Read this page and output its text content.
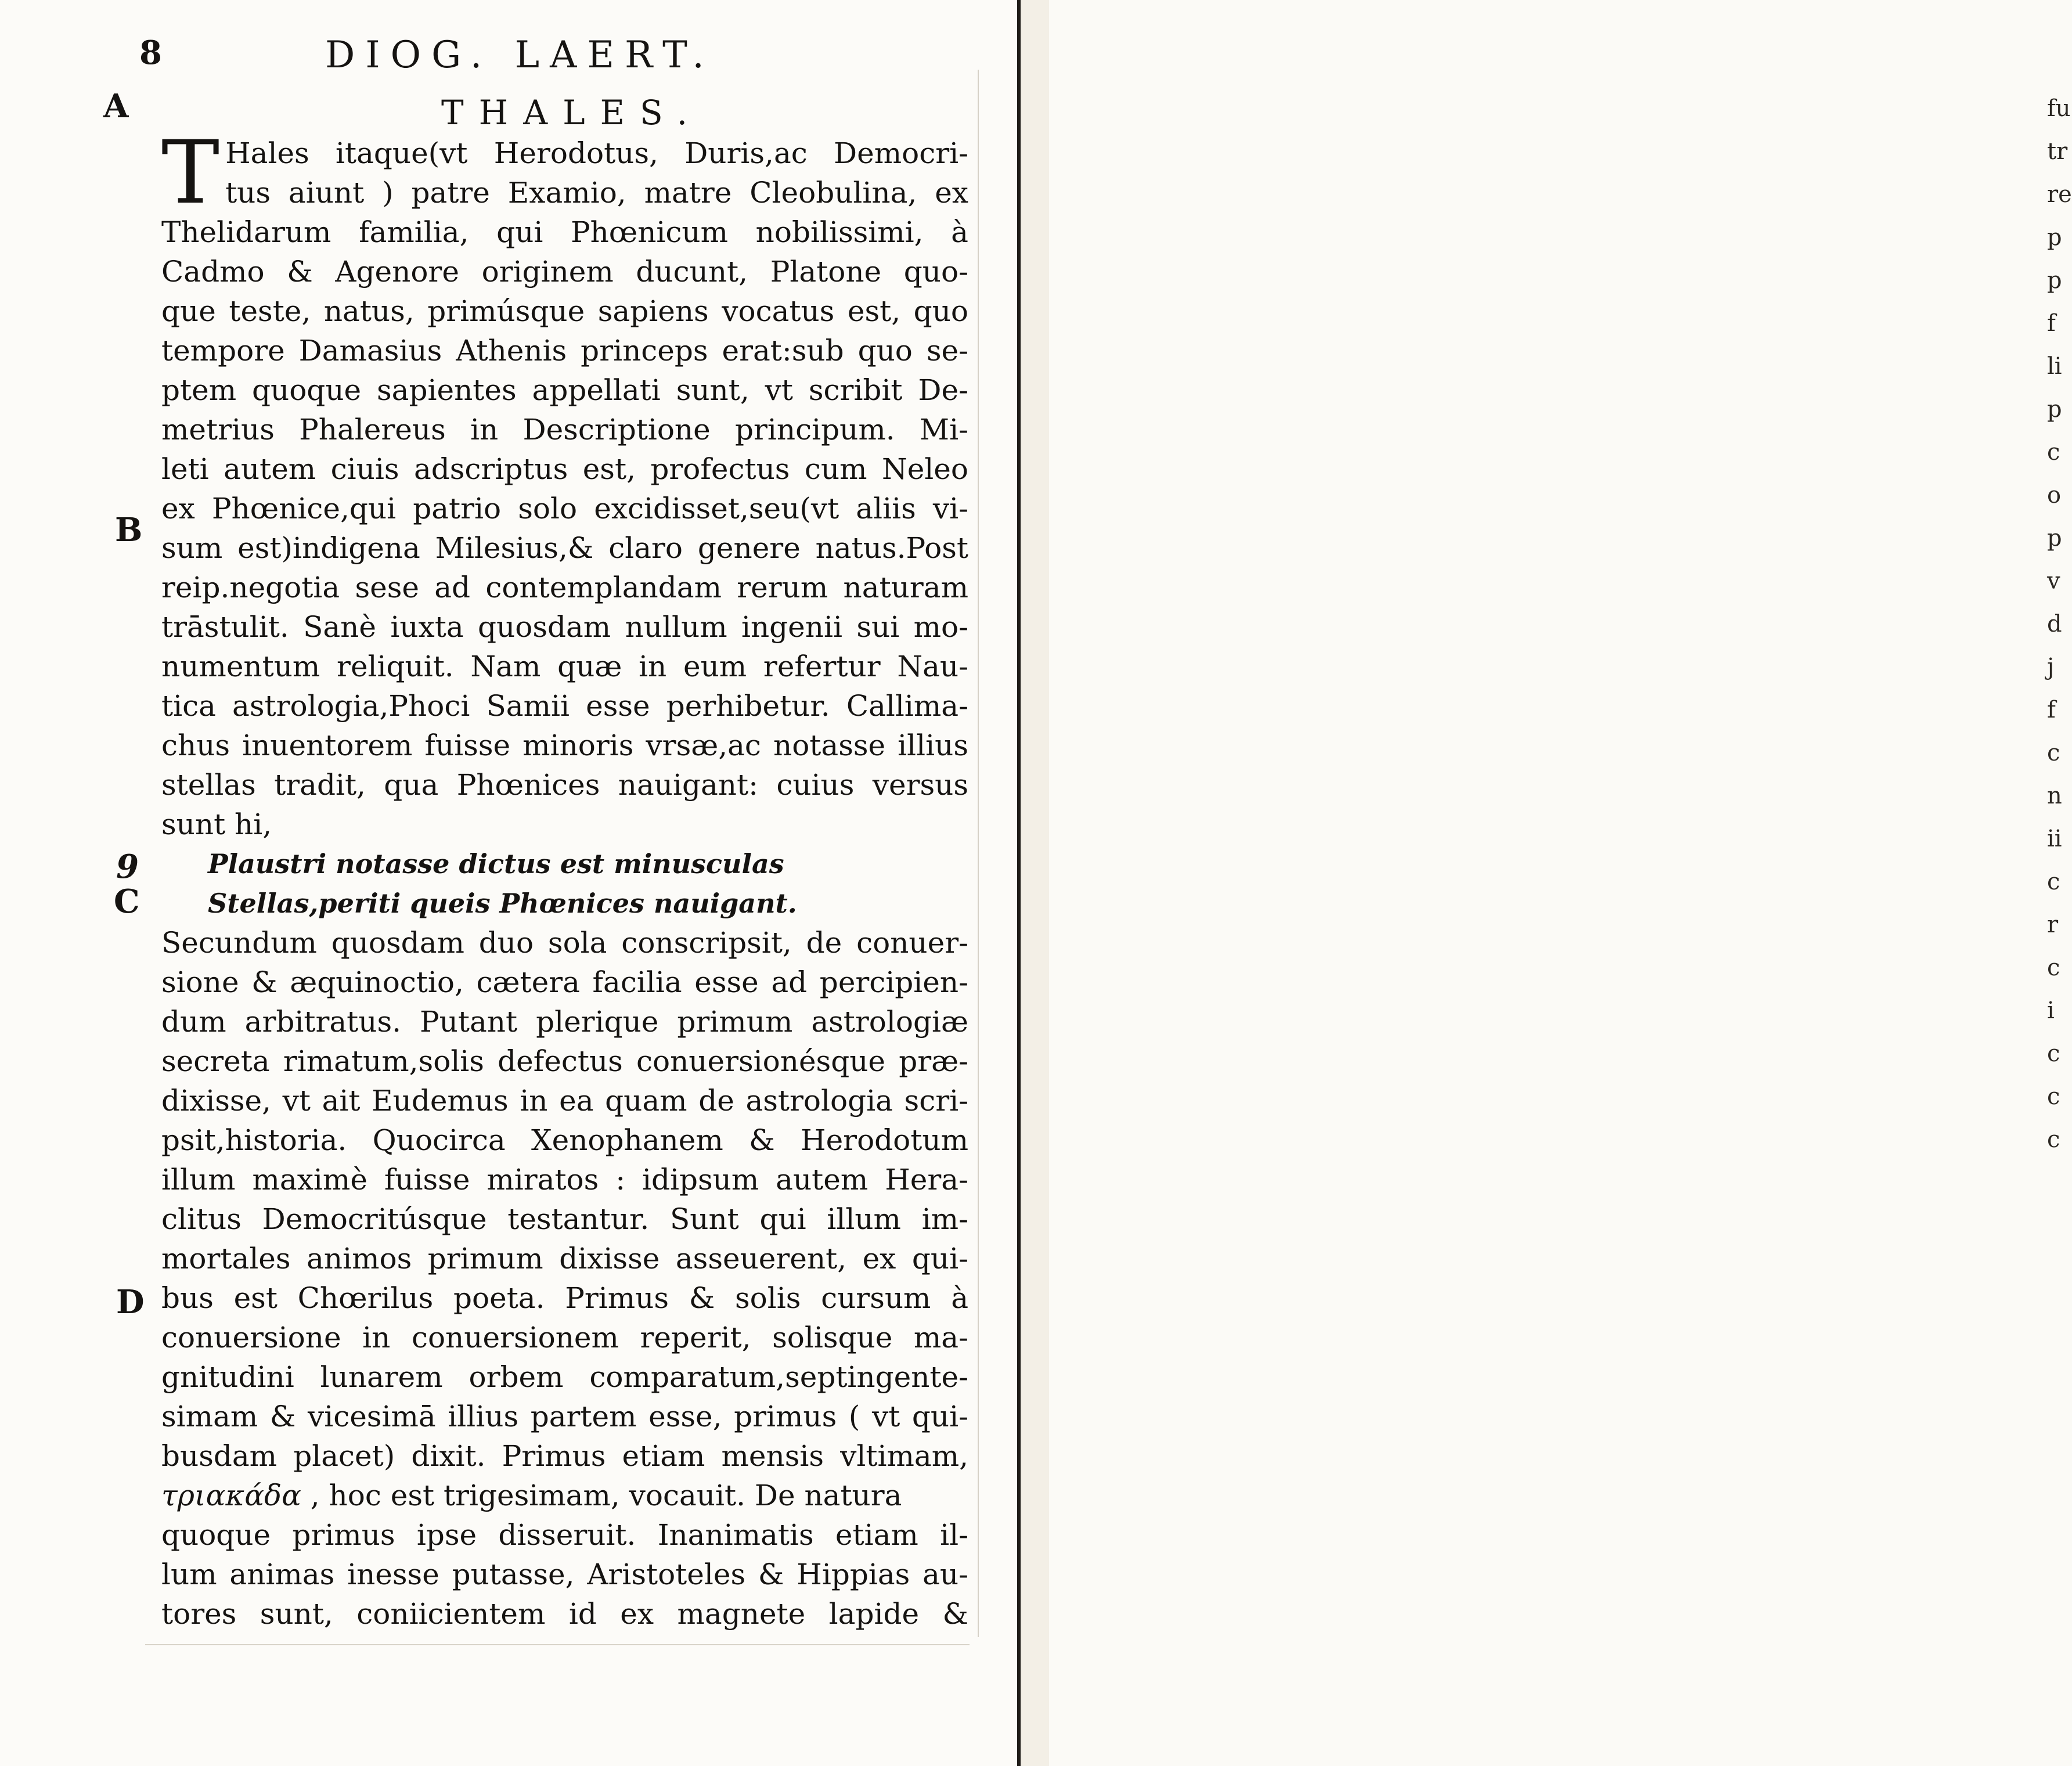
8	DIOG. LAERT.
THALES.
A
B
9
C
D
T Hales itaque(vt Herodotus, Duris,ac Democri-
tus aiunt ) patre Examio, matre Cleobulina, ex
Thelidarum familia, qui Phœnicum nobilissimi, à
Cadmo & Agenore originem ducunt, Platone quo-
que teste, natus, primúsque sapiens vocatus est, quo
tempore Damasius Athenis princeps erat:sub quo se-
ptem quoque sapientes appellati sunt, vt scribit De-
metrius Phalereus in Descriptione principum. Mi-
leti autem ciuis adscriptus est, profectus cum Neleo
ex Phœnice,qui patrio solo excidisset,seu(vt aliis vi-
sum est)indigena Milesius,& claro genere natus.Post
reip.negotia sese ad contemplandam rerum naturam
trāstulit. Sanè iuxta quosdam nullum ingenii sui mo-
numentum reliquit. Nam quæ in eum refertur Nau-
tica astrologia,Phoci Samii esse perhibetur. Callima-
chus inuentorem fuisse minoris vrsæ,ac notasse illius
stellas tradit, qua Phœnices nauigant: cuius versus
sunt hi,
Plaustri notasse dictus est minusculas
Stellas,periti queis Phœnices nauigant.
Secundum quosdam duo sola conscripsit, de conuer-
sione & æquinoctio, cætera facilia esse ad percipien-
dum arbitratus. Putant plerique primum astrologiæ
secreta rimatum,solis defectus conuersionésque præ-
dixisse, vt ait Eudemus in ea quam de astrologia scri-
psit,historia. Quocirca Xenophanem & Herodotum
illum maximè fuisse miratos : idipsum autem Hera-
clitus Democritúsque testantur. Sunt qui illum im-
mortales animos primum dixisse asseuerent, ex qui-
bus est Chœrilus poeta. Primus & solis cursum à
conuersione in conuersionem reperit, solisque ma-
gnitudini lunarem orbem comparatum,septingente-
simam & vicesimā illius partem esse, primus ( vt qui-
busdam placet) dixit. Primus etiam mensis vltimam,
τριακάδα , hoc est trigesimam, vocauit. De natura
quoque primus ipse disseruit. Inanimatis etiam il-
lum animas inesse putasse, Aristoteles & Hippias au-
tores sunt, coniicientem id ex magnete lapide &
fu
tr
re
p
p
f
li
p
c
o
p
v
d
j
f
c
n
ii
c
r
c
i
c
c
c
